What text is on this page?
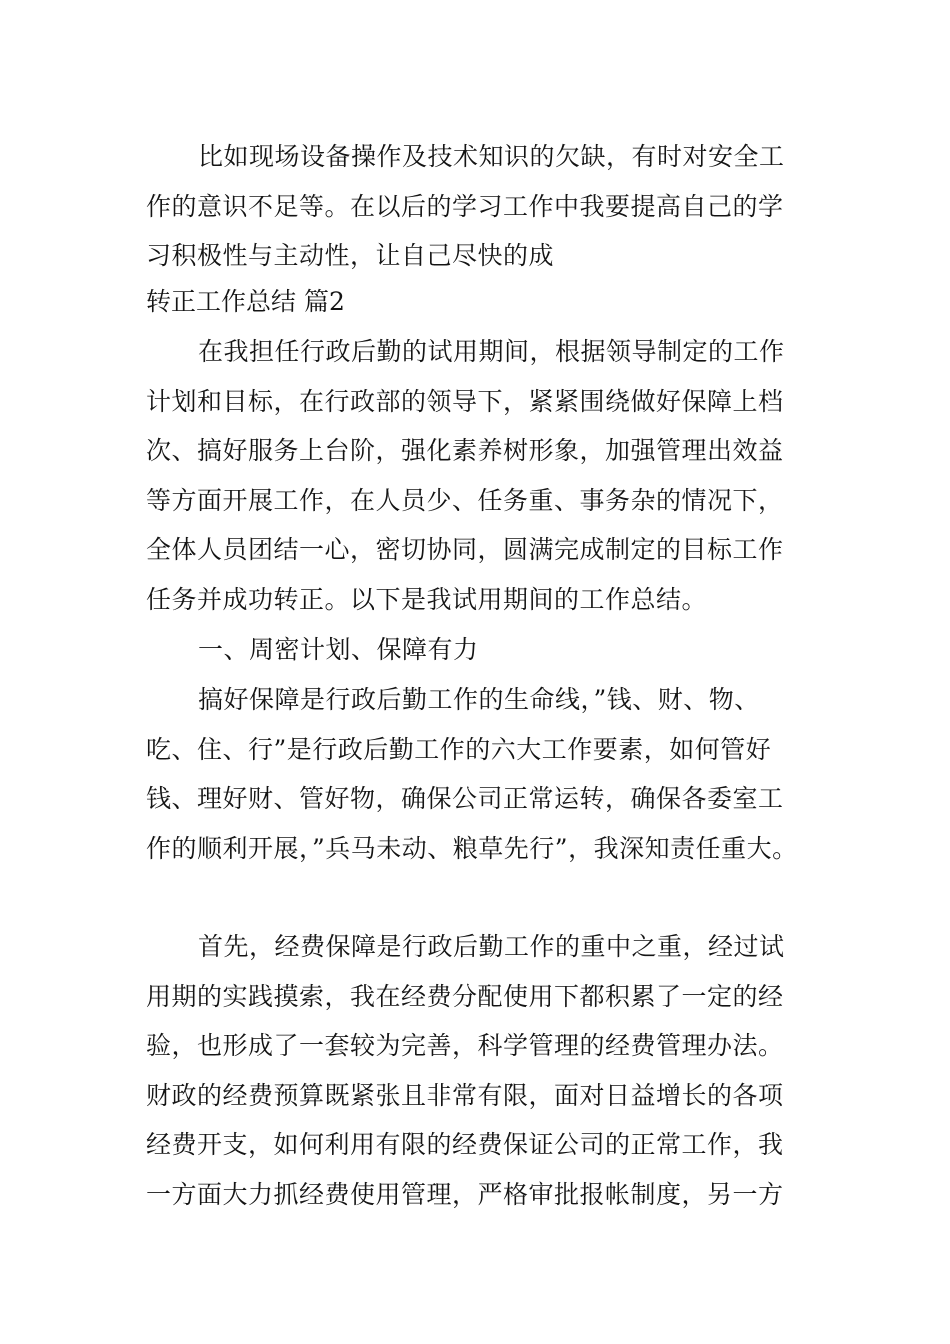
比如现场设备操作及技术知识的欠缺，有时对安全工作的意识不足等。在以后的学习工作中我要提高自己的学习积极性与主动性，让自己尽快的成
转正工作总结 篇2
在我担任行政后勤的试用期间，根据领导制定的工作计划和目标，在行政部的领导下，紧紧围绕做好保障上档次、搞好服务上台阶，强化素养树形象，加强管理出效益等方面开展工作，在人员少、任务重、事务杂的情况下，全体人员团结一心，密切协同，圆满完成制定的目标工作任务并成功转正。以下是我试用期间的工作总结。
一、周密计划、保障有力
搞好保障是行政后勤工作的生命线，”钱、财、物、吃、住、行”是行政后勤工作的六大工作要素，如何管好钱、理好财、管好物，确保公司正常运转，确保各委室工作的顺利开展，”兵马未动、粮草先行”，我深知责任重大。
首先，经费保障是行政后勤工作的重中之重，经过试用期的实践摸索，我在经费分配使用下都积累了一定的经验，也形成了一套较为完善，科学管理的经费管理办法。财政的经费预算既紧张且非常有限，面对日益增长的各项经费开支，如何利用有限的经费保证公司的正常工作，我一方面大力抓经费使用管理，严格审批报帐制度，另一方
